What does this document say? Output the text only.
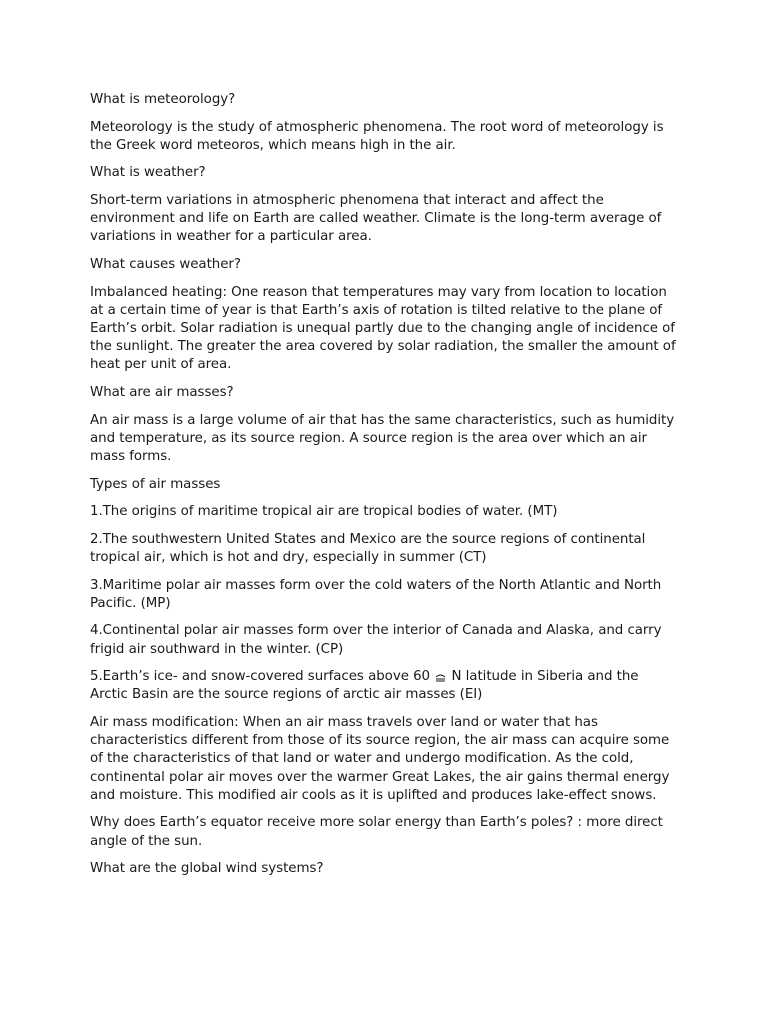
What is meteorology?

Meteorology is the study of atmospheric phenomena. The root word of meteorology is the Greek word meteoros, which means high in the air.

What is weather?

Short-term variations in atmospheric phenomena that interact and affect the environment and life on Earth are called weather. Climate is the long-term average of variations in weather for a particular area.

What causes weather?

Imbalanced heating: One reason that temperatures may vary from location to location at a certain time of year is that Earth’s axis of rotation is tilted relative to the plane of Earth’s orbit. Solar radiation is unequal partly due to the changing angle of incidence of the sunlight. The greater the area covered by solar radiation, the smaller the amount of heat per unit of area.

What are air masses?

An air mass is a large volume of air that has the same characteristics, such as humidity and temperature, as its source region. A source region is the area over which an air mass forms.

Types of air masses

1.The origins of maritime tropical air are tropical bodies of water. (MT)

2.The southwestern United States and Mexico are the source regions of continental tropical air, which is hot and dry, especially in summer (CT)

3.Maritime polar air masses form over the cold waters of the North Atlantic and North Pacific. (MP)

4.Continental polar air masses form over the interior of Canada and Alaska, and carry frigid air southward in the winter. (CP)

5.Earth’s ice- and snow-covered surfaces above 60 N latitude in Siberia and the Arctic Basin are the source regions of arctic air masses (EI)

Air mass modification: When an air mass travels over land or water that has characteristics different from those of its source region, the air mass can acquire some of the characteristics of that land or water and undergo modification. As the cold, continental polar air moves over the warmer Great Lakes, the air gains thermal energy and moisture. This modified air cools as it is uplifted and produces lake-effect snows.

Why does Earth’s equator receive more solar energy than Earth’s poles? : more direct angle of the sun.

What are the global wind systems?
